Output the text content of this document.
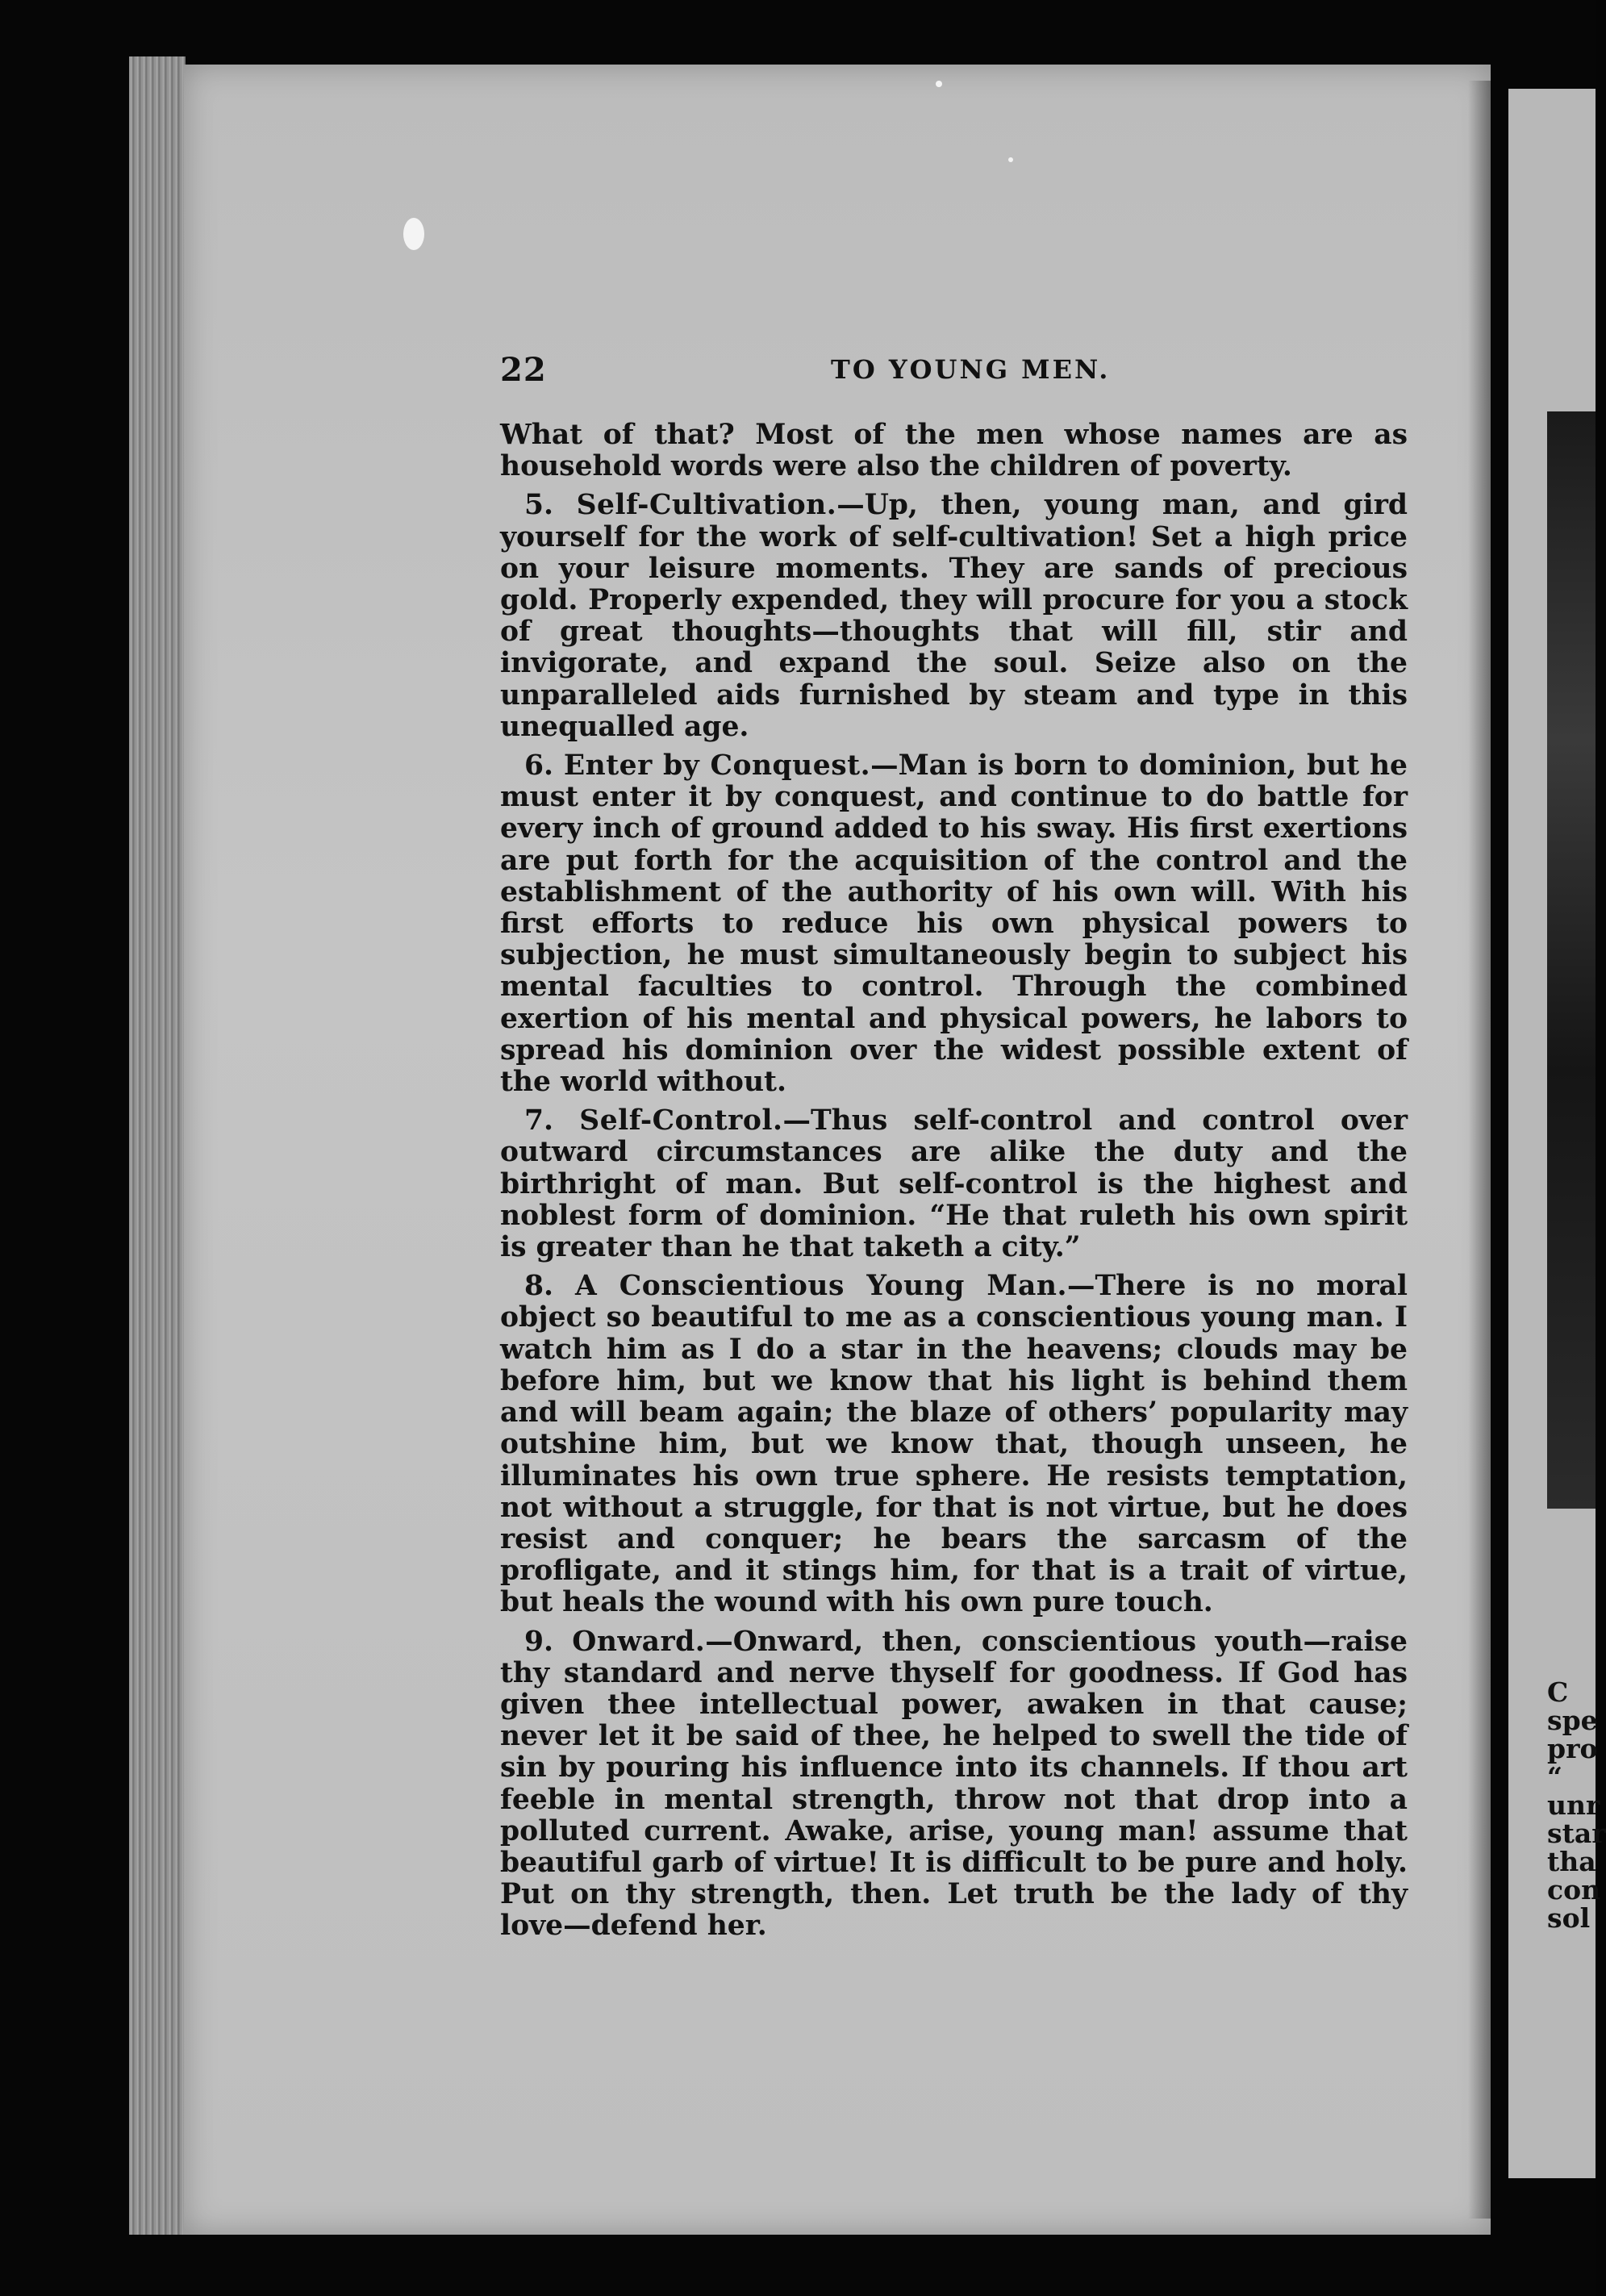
C
spe
pro
“
unr
star
tha
con
sol
22	TO YOUNG MEN.

What of that? Most of the men whose names are as household words were also the children of poverty.

5. Self-Cultivation.—Up, then, young man, and gird yourself for the work of self-cultivation! Set a high price on your leisure moments. They are sands of precious gold. Properly expended, they will procure for you a stock of great thoughts—thoughts that will fill, stir and invigorate, and expand the soul. Seize also on the unparalleled aids furnished by steam and type in this unequalled age.

6. Enter by Conquest.—Man is born to dominion, but he must enter it by conquest, and continue to do battle for every inch of ground added to his sway. His first exertions are put forth for the acquisition of the control and the establishment of the authority of his own will. With his first efforts to reduce his own physical powers to subjection, he must simultaneously begin to subject his mental faculties to control. Through the combined exertion of his mental and physical powers, he labors to spread his dominion over the widest possible extent of the world without.

7. Self-Control.—Thus self-control and control over outward circumstances are alike the duty and the birthright of man. But self-control is the highest and noblest form of dominion. “He that ruleth his own spirit is greater than he that taketh a city.”

8. A Conscientious Young Man.—There is no moral object so beautiful to me as a conscientious young man. I watch him as I do a star in the heavens; clouds may be before him, but we know that his light is behind them and will beam again; the blaze of others’ popularity may outshine him, but we know that, though unseen, he illuminates his own true sphere. He resists temptation, not without a struggle, for that is not virtue, but he does resist and conquer; he bears the sarcasm of the profligate, and it stings him, for that is a trait of virtue, but heals the wound with his own pure touch.

9. Onward.—Onward, then, conscientious youth—raise thy standard and nerve thyself for goodness. If God has given thee intellectual power, awaken in that cause; never let it be said of thee, he helped to swell the tide of sin by pouring his influence into its channels. If thou art feeble in mental strength, throw not that drop into a polluted current. Awake, arise, young man! assume that beautiful garb of virtue! It is difficult to be pure and holy. Put on thy strength, then. Let truth be the lady of thy love—defend her.
